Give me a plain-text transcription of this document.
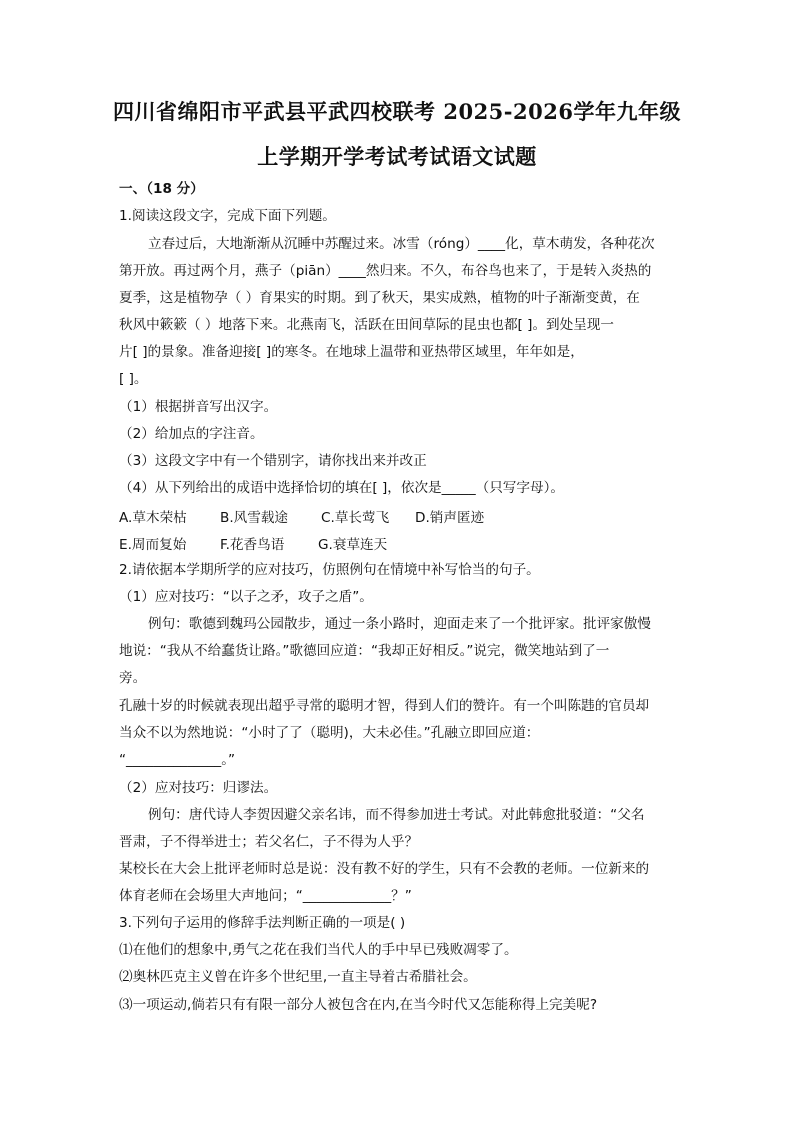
四川省绵阳市平武县平武四校联考 2025-2026学年九年级
上学期开学考试考试语文试题
一、（18 分）
1.阅读这段文字，完成下面下列题。
立春过后，大地渐渐从沉睡中苏醒过来。冰雪（róng）____化，草木萌发，各种花次
第开放。再过两个月，燕子（piān）____然归来。不久，布谷鸟也来了，于是转入炎热的
夏季，这是植物孕（ ）育果实的时期。到了秋天，果实成熟，植物的叶子渐渐变黄，在
秋风中簌簌（ ）地落下来。北燕南飞，活跃在田间草际的昆虫也都[ ]。到处呈现一
片[ ]的景象。准备迎接[ ]的寒冬。在地球上温带和亚热带区域里，年年如是，
[ ]。
（1）根据拼音写出汉字。
（2）给加点的字注音。
（3）这段文字中有一个错别字，请你找出来并改正
（4）从下列给出的成语中选择恰切的填在[ ]，依次是_____（只写字母）。
A.草木荣枯 B.风雪载途 C.草长莺飞 D.销声匿迹
E.周而复始 F.花香鸟语 G.衰草连天
2.请依据本学期所学的应对技巧，仿照例句在情境中补写恰当的句子。
（1）应对技巧：“以子之矛，攻子之盾”。
例句：歌德到魏玛公园散步，通过一条小路时，迎面走来了一个批评家。批评家傲慢
地说：“我从不给蠢货让路。”歌德回应道：“我却正好相反。”说完，微笑地站到了一
旁。
孔融十岁的时候就表现出超乎寻常的聪明才智，得到人们的赞许。有一个叫陈韪的官员却
当众不以为然地说：“小时了了（聪明)，大未必佳。”孔融立即回应道：
“______________。”
（2）应对技巧：归谬法。
例句：唐代诗人李贺因避父亲名讳，而不得参加进士考试。对此韩愈批驳道：“父名
晋肃，子不得举进士；若父名仁，子不得为人乎？
某校长在大会上批评老师时总是说：没有教不好的学生，只有不会教的老师。一位新来的
体育老师在会场里大声地问；“_____________？”
3.下列句子运用的修辞手法判断正确的一项是( )
⑴在他们的想象中,勇气之花在我们当代人的手中早已残败凋零了。
⑵奥林匹克主义曾在许多个世纪里,一直主导着古希腊社会。
⑶一项运动,倘若只有有限一部分人被包含在内,在当今时代又怎能称得上完美呢?
